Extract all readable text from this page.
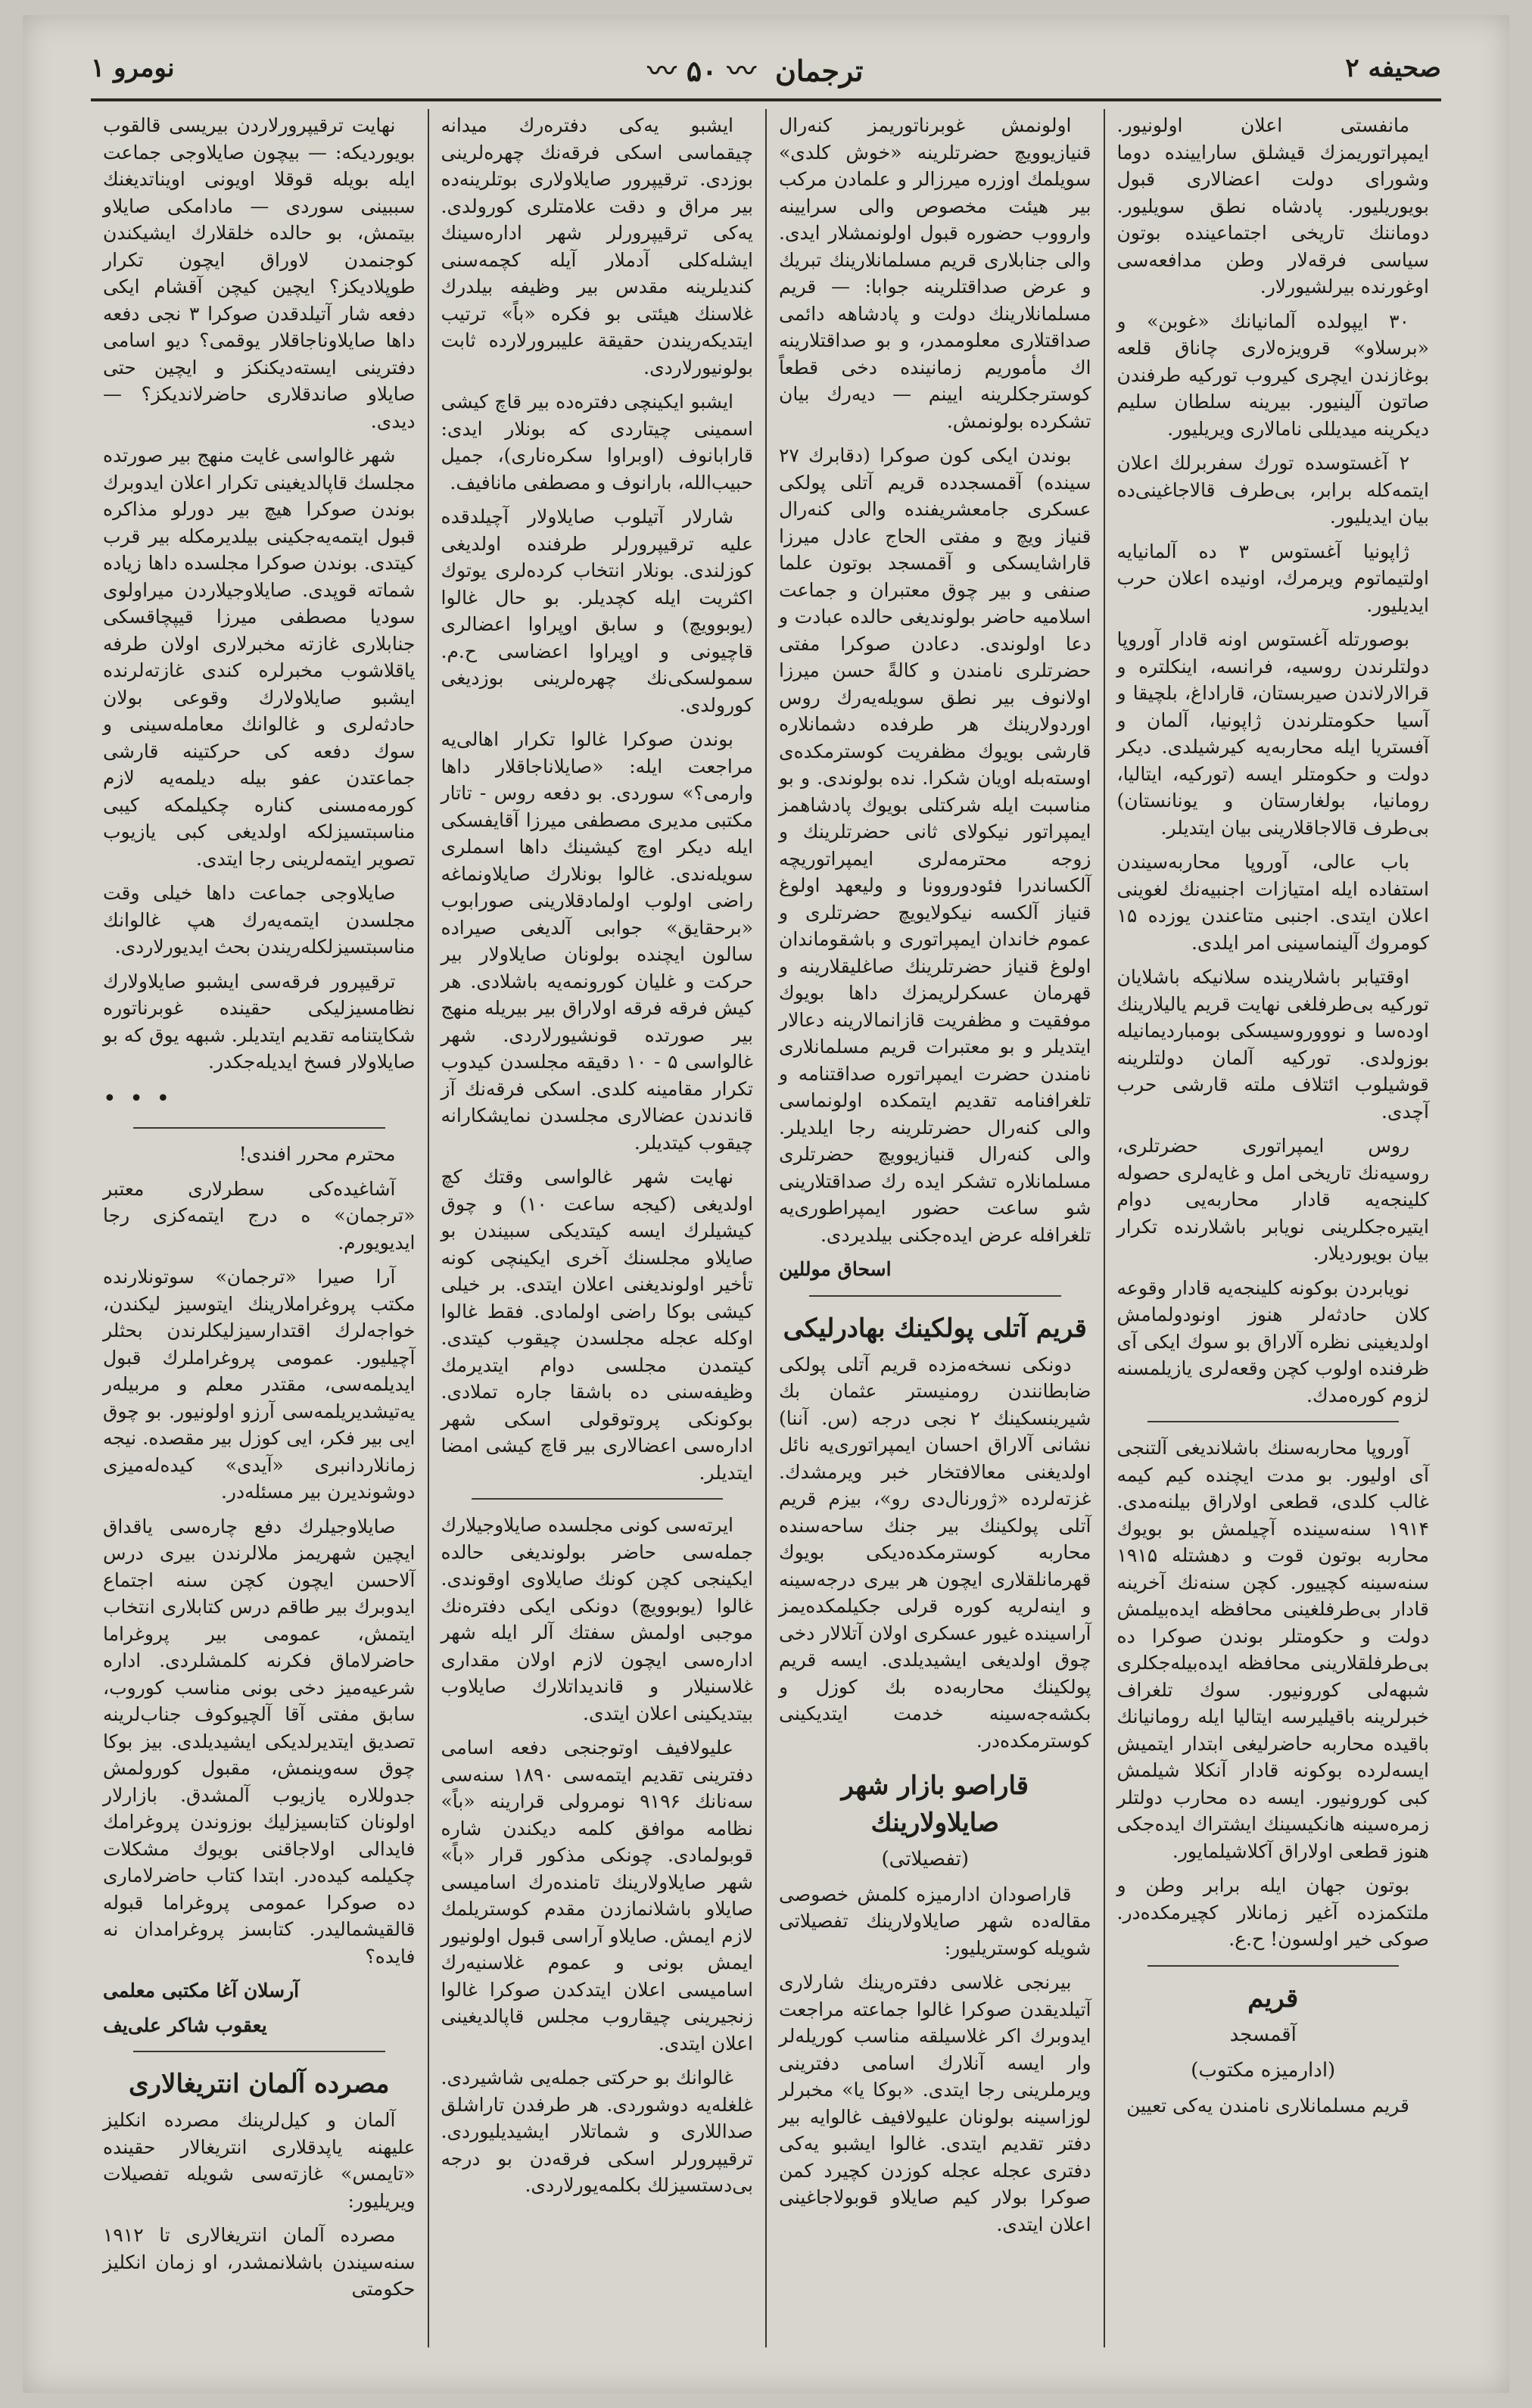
صحيفه ۲
ترجمان 〰 ۵۰ 〰
نومرو ۱

مانفستی اعلان اولونیور. ایمپراتوریمزك قیشلق سارایینده دوما وشورای دولت اعضالاری قبول بویوریلیور. پادشاه نطق سویلیور. دوماننك تاریخی اجتماعینده بوتون سیاسی فرقه‌لار وطن مدافعه‌سی اوغورنده بیرلشیورلار.

۳۰ ایپولده آلمانیانك «غوبن» و «برسلاو» قرویزه‌لاری چاناق قلعه بوغازندن ایچری کیروب تورکیه طرفندن صاتون آلینیور. بیرینه سلطان سلیم دیکرینه میدیللی نامالاری ویریلیور.

۲ آغستوسده تورك سفربرلك اعلان ایتمه‌کله برابر، بی‌طرف قالاجاغینی‌ده بیان ایدیلیور.

ژاپونیا آغستوس ۳ ده آلمانیایه اولتیماتوم ویرمرك، اونیده اعلان حرب ایدیلیور.

بوصورتله آغستوس اونه قادار آوروپا دولتلرندن روسیه، فرانسه، اینکلتره و قرالارلاندن صیربستان، قاراداغ، بلچیقا و آسیا حکومتلرندن ژاپونیا، آلمان و آفستریا ایله محاربه‌یه کیرشیلدی. دیکر دولت و حکومتلر ایسه (تورکیه، ایتالیا، رومانیا، بولغارستان و یونانستان) بی‌طرف قالاجاقلارینی بیان ایتدیلر.

باب عالی، آوروپا محاربه‌سیندن استفاده ایله امتیازات اجنبیه‌نك لغوینی اعلان ایتدی. اجنبی متاعندن یوزده ۱۵ کومروك آلینماسینی امر ایلدی.

اوقتیابر باشلارینده سلانیکه باشلایان تورکیه بی‌طرفلغی نهایت قریم یالیلارینك اوده‌سا و نوووروسیسکی بومباردیمانیله بوزولدی. تورکیه آلمان دولتلرینه قوشیلوب ائتلاف ملته قارشی حرب آچدی.

روس ایمپراتوری حضرتلری، روسیه‌نك تاریخی امل و غایه‌لری حصوله کلینجه‌یه قادار محاربه‌یی دوام ایتیره‌جکلرینی نویابر باشلارنده تکرار بیان بویوردیلار.

نویابردن بوکونه کلینجه‌یه قادار وقوعه کلان حادثه‌لر هنوز اونودولمامش اولدیغینی نظره آلاراق بو سوك ایکی آی ظرفنده اولوب کچن وقعه‌لری یازیلمسنه لزوم کوره‌مدك.

آوروپا محاربه‌سنك باشلاندیغی آلتنجی آی اولیور. بو مدت ایچنده کیم کیمه غالب کلدی، قطعی اولاراق بیلنه‌مدی. ۱۹۱۴ سنه‌سینده آچیلمش بو بویوك محاربه بوتون قوت و دهشتله ۱۹۱۵ سنه‌سینه کچییور. کچن سنه‌نك آخرینه قادار بی‌طرفلغینی محافظه ایده‌بیلمش دولت و حکومتلر بوندن صوکرا ده بی‌طرفلقلارینی محافظه ایده‌بیله‌جکلری شبهه‌لی کورونیور. سوك تلغراف خبرلرینه باقیلیرسه ایتالیا ایله رومانیانك باقیده محاربه حاضرلیغی ابتدار ایتمیش ایسه‌لرده بوکونه قادار آنکلا شیلمش کبی کورونیور. ایسه ده محارب دولتلر زمره‌سینه هانکیسینك ایشتراك ایده‌جکی هنوز قطعی اولاراق آکلاشیلمایور.

بوتون جهان ایله برابر وطن و ملتکمزده آغیر زمانلار کچیرمکده‌در. صوکی خیر اولسون! ح.ع.

قریم

آقمسجد

(ادارمیزه مکتوب)

قریم مسلمانلاری نامندن یه‌کی تعیین

اولونمش غوبرناتوریمز کنه‌رال قنیازیوویچ حضرتلرینه «خوش کلدی» سویلمك اوزره میرزالر و علمادن مرکب بیر هیئت مخصوص والی سرایینه وارووب حضوره قبول اولونمشلار ایدی. والی جنابلاری قریم مسلمانلارینك تبریك و عرض صداقتلرینه جوابا: — قریم مسلمانلارینك دولت و پادشاهه دائمی صداقتلاری معلوممدر، و بو صداقتلارینه اك مأموریم زمانینده دخی قطعاً کوسترجکلرینه ایینم — دیه‌رك بیان تشکرده بولونمش.

بوندن ایکی کون صوکرا (دقابرك ۲۷ سینده) آقمسجدده قریم آتلی پولکی عسکری جامعشریفنده والی کنه‌رال قنیاز ویچ و مفتی الحاج عادل میرزا قاراشایسکی و آقمسجد بوتون علما صنفی و بیر چوق معتبران و جماعت اسلامیه حاضر بولوندیغی حالده عبادت و دعا اولوندی. دعادن صوکرا مفتی حضرتلری نامندن و کالةً حسن میرزا اولانوف بیر نطق سویله‌یه‌رك روس اوردولارینك هر طرفده دشمانلاره قارشی بویوك مظفریت کوسترمکده‌ی اوسته‌بله اویان شکرا. نده بولوندی. و بو مناسبت ایله شرکتلی بویوك پادشاهمز ایمپراتور نیکولای ثانی حضرتلرینك و زوجه محترمه‌لری ایمپراتوریچه آلکساندرا فئودوروونا و ولیعهد اولوغ قنیاز آلکسه نیکولایویچ حضرتلری و عموم خاندان ایمپراتوری و باشقوماندان اولوغ قنیاز حضرتلرینك صاغلیقلارینه و قهرمان عسکرلریمزك داها بویوك موفقیت و مظفریت قازانمالارینه دعالار ایتدیلر و بو معتبرات قریم مسلمانلاری نامندن حضرت ایمپراتوره صداقتنامه و تلغرافنامه تقدیم ایتمکده اولونماسی والی کنه‌رال حضرتلرینه رجا ایلدیلر. والی کنه‌رال قنیازیوویچ حضرتلری مسلمانلاره تشکر ایده رك صداقتلارینی شو ساعت حضور ایمپراطوری‌یه تلغرافله عرض ایده‌جکنی بیلدیردی.

اسحاق موللین

قریم آتلی پولکینك بهادرلیکی

دونکی نسخه‌مزده قریم آتلی پولکی ضابطانندن رومنیستر عثمان بك شیرینسکینك ۲ نجی درجه (س. آننا) نشانی آلاراق احسان ایمپراتوری‌یه نائل اولدیغنی معالافتخار خبر ویرمشدك. غزته‌لرده «ژورنال‌دی رو»، بیزم قریم آتلی پولکینك بیر جنك ساحه‌سنده محاربه کوسترمکده‌دیکی بویوك قهرمانلقلاری ایچون هر بیری درجه‌سینه و اینه‌لریه کوره قرلی جکیلمکده‌یمز آراسینده غیور عسکری اولان آتلالار دخی چوق اولدیغی ایشیدیلدی. ایسه قریم پولکینك محاربه‌ده بك کوزل و بکشه‌جه‌سینه خدمت ایتدیکینی کوسترمکده‌در.

قاراصو بازار شهر صایلاولارینك

(تفصیلاتی)

قاراصودان ادارمیزه کلمش خصوصی مقاله‌ده شهر صایلاولارینك تفصیلاتی شویله کوستریلیور:

بیرنجی غلاسی دفتره‌رینك شارلاری آتیلدیقدن صوکرا غالوا جماعته مراجعت ایدوبرك اکر غلاسیلقه مناسب کوریله‌لر وار ایسه آنلارك اسامی دفترینی ویرملرینی رجا ایتدی. «بوکا یا» مخبرلر لوزاسینه بولونان علیولافیف غالوایه بیر دفتر تقدیم ایتدی. غالوا ایشبو یه‌کی دفتری عجله عجله کوزدن کچیرد کمن صوکرا بولار کیم صایلاو قوبولاجاغینی اعلان ایتدی.

ایشبو یه‌کی دفتره‌رك میدانه چیقماسی اسکی فرقه‌نك چهره‌لرینی بوزدی. ترقیپرور صایلاولاری بوتلرینه‌ده بیر مراق و دقت علامتلری کورولدی. یه‌کی ترقیپرورلر شهر اداره‌سینك ایشله‌کلی آدملار آیله کچمه‌سنی کندیلرینه مقدس بیر وظیفه بیلدرك غلاسنك هیئتی بو فکره «باً» ترتیب ایتدیکه‌ریندن حقیقة علیبرورلارده ثابت بولونیورلاردی.

ایشبو ایکینچی دفتره‌ده بیر قاچ کیشی اسمینی چیتاردی که بونلار ایدی: قارابانوف (اوبراوا سکره‌ناری)، جمیل حبیب‌الله، بارانوف و مصطفی مانافیف.

شارلار آتیلوب صایلاولار آچیلدقده علیه ترقیپرورلر طرفنده اولدیغی کوزلندی. بونلار انتخاب کرده‌لری یوتوك اکثریت ایله کچدیلر. بو حال غالوا (یوبوویچ) و سابق اوپراوا اعضالری قاچیونی و اوپراوا اعضاسی ح.م. سمولسکی‌نك چهره‌لرینی بوزدیغی کورولدی.

بوندن صوکرا غالوا تکرار اهالی‌یه مراجعت ایله: «صایلاناجاقلار داها وارمی؟» سوردی. بو دفعه روس - تاتار مکتبی مدیری مصطفی میرزا آقایفسکی ایله دیکر اوچ کیشینك داها اسملری سویله‌ندی. غالوا بونلارك صایلاونماغه راضی اولوب اولمادقلارینی صورابوب «برحقایق» جوابی آلدیغی صیراده سالون ایچنده بولونان صایلاولار بیر حرکت و غلیان کورونمه‌یه باشلادی. هر کیش فرقه فرقه اولاراق بیر بیریله منهج بیر صورتده قونشیورلاردی. شهر غالواسی ۵ - ۱۰ دقیقه مجلسدن کیدوب تکرار مقامینه کلدی. اسکی فرقه‌نك آز قاندندن عضالاری مجلسدن نمایشکارانه چیقوب کیتدیلر.

نهایت شهر غالواسی وقتك کچ اولدیغی (کیجه ساعت ۱۰) و چوق کیشیلرك ایسه کیتدیکی سبیندن بو صایلاو مجلسنك آخری ایکینچی کونه تأخیر اولوندیغنی اعلان ایتدی. بر خیلی کیشی بوکا راضی اولمادی. فقط غالوا اوکله عجله مجلسدن چیقوب کیتدی. کیتمدن مجلسی دوام ایتدیرمك وظیفه‌سنی ده باشقا جاره تملادی. بوکونکی پروتوقولی اسکی شهر اداره‌سی اعضالاری بیر قاچ کیشی امضا ایتدیلر.

ایرته‌سی کونی مجلسده صایلاوجیلارك جمله‌سی حاضر بولوندیغی حالده ایکینجی کچن کونك صایلاوی اوقوندی. غالوا (یوبوویچ) دونکی ایکی دفتره‌نك موجبی اولمش سفتك آلر ایله شهر اداره‌سی ایچون لازم اولان مقداری غلاسنیلار و قاندیداتلارك صایلاوب بیتدیکینی اعلان ایتدی.

علیولافیف اوتوجنجی دفعه اسامی دفترینی تقدیم ایتمه‌سی ۱۸۹۰ سنه‌سی سه‌نانك ۹۱۹۶ نومرولی قرارینه «باً» نظامه موافق کلمه دیکندن شاره قوبولمادی. چونکی مذکور قرار «باً» شهر صایلاولارینك تامنده‌رك اسامیسی صایلاو باشلانمازدن مقدم کوستریلمك لازم ایمش. صایلاو آراسی قبول اولونیور ایمش بونی و عموم غلاسنیه‌رك اسامیسی اعلان ایتدکدن صوکرا غالوا زنجیرینی چیقاروب مجلس قاپالدیغینی اعلان ایتدی.

غالوانك بو حرکتی جمله‌یی شاشیردی. غلغله‌یه دوشوردی. هر طرفدن تاراشلق صداللاری و شماتلار ایشیدیلیوردی. ترقیپرورلر اسکی فرقه‌دن بو درجه بی‌دستسیزلك بکلمه‌یورلاردی.

نهایت ترقیپرورلاردن بیریسی قالقوب بویوردیکه: — بیچون صایلاوجی جماعت ایله بویله قوقلا اویونی اویناتدیغنك سببینی سوردی — مادامکی صایلاو بیتمش، بو حالده خلقلارك ایشیکندن کوجنمدن لاوراق ایچون تکرار طوپلادیکز؟ ایچین کیچن آقشام ایکی دفعه شار آتیلدقدن صوکرا ۳ نجی دفعه داها صایلاوناجاقلار یوقمی؟ دیو اسامی دفترینی ایسته‌دیکنکز و ایچین حتی صایلاو صاندقلاری حاضرلاندیکز؟ — دیدی.

شهر غالواسی غایت منهج بیر صورتده مجلسك قاپالدیغینی تکرار اعلان ایدوبرك بوندن صوکرا هیچ بیر دورلو مذاکره قبول ایتمه‌یه‌جکینی بیلدیرمکله ‌بیر قرب کیتدی. بوندن صوکرا مجلسده داها زیاده شماته قوپدی. صایلاوجیلاردن میراولوی سودیا مصطفی میرزا قیپچاقسکی جنابلاری غازته مخبرلاری اولان طرفه یاقلاشوب مخبرلره کندی غازته‌لرنده ایشبو صایلاولارك وقوعی بولان حادثه‌لری و غالوانك معامله‌سینی و سوك دفعه کی حرکتینه قارشی جماعتدن عفو بیله دیلمه‌یه لازم کورمه‌مسنی کناره چکیلمکه کیبی مناسبتسیزلکه اولدیغی کبی یازیوب تصویر ایتمه‌لرینی رجا ایتدی.

صایلاوجی جماعت داها خیلی وقت مجلسدن ایتمه‌یه‌رك هپ غالوانك مناسبتسیزلکله‌ریندن بحث ایدیورلاردی.

ترقیپرور فرقه‌سی ایشبو صایلاولارك نظامسیزلیکی حقینده غوبرناتوره شکایتنامه تقدیم ایتدیلر. شبهه یوق که بو صایلاولار فسخ ایدیله‌جکدر.

• • •

محترم محرر افندی!

آشاغیده‌کی سطرلاری معتبر «ترجمان» ه درج ایتمه‌کزی رجا ایدیویورم.

آرا صیرا «ترجمان» سوتونلارنده مکتب پروغراملارینك ایتوسیز لیکندن، خواجه‌لرك اقتدارسیزلیکلرندن بحثلر آچیلیور. عمومی پروغراملرك قبول ایدیلمه‌سی، مقتدر معلم و مربیله‌ر یه‌تیشدیریلمه‌سی آرزو اولونیور. بو چوق ایی بیر فکر، ایی کوزل بیر مقصده. نیجه زمانلاردانبری «آیدی» کیده‌له‌میزی دوشوندیرن بیر مسئله‌در.

صایلاوجیلرك دفع چاره‌سی یاقداق ایچین شهریمز ملالرندن بیری درس آلاحسن ایچون کچن سنه اجتماع ایدوبرك بیر طاقم درس کتابلاری انتخاب ایتمش، عمومی بیر پروغراما حاضرلاماق فکرنه کلمشلردی. اداره شرعیه‌میز دخی بونی مناسب کوروب، سابق مفتی آقا آلچیوکوف جناب‌لرینه تصدیق ایتدیرلدیکی ایشیدیلدی. بیز بوکا چوق سه‌وینمش، مقبول کورولمش جدوللاره یازیوب آلمشدق. بازارلار اولونان کتابسیزلیك بوزوندن ‌پروغرامك فایدالی اولاجاقنی بویوك مشکلات چکیلمه کیده‌در. ابتدا کتاب حاضرلاماری ده صوکرا عمومی پروغراما قبوله قالقیشمالیدر. کتابسز پروغرامدان نه فایده؟

آرسلان آغا مکتبی معلمی

یعقوب شاکر علی‌یف

مصرده آلمان انتریغالاری

آلمان و کیل‌لرینك مصرده انکلیز علیهنه یاپدقلاری انتریغالار حقینده «تایمس» غازته‌سی شویله تفصیلات ویریلیور:

مصرده آلمان انتریغالاری تا ۱۹۱۲ سنه‌سیندن باشلانمشدر، او زمان انکلیز حکومتی
